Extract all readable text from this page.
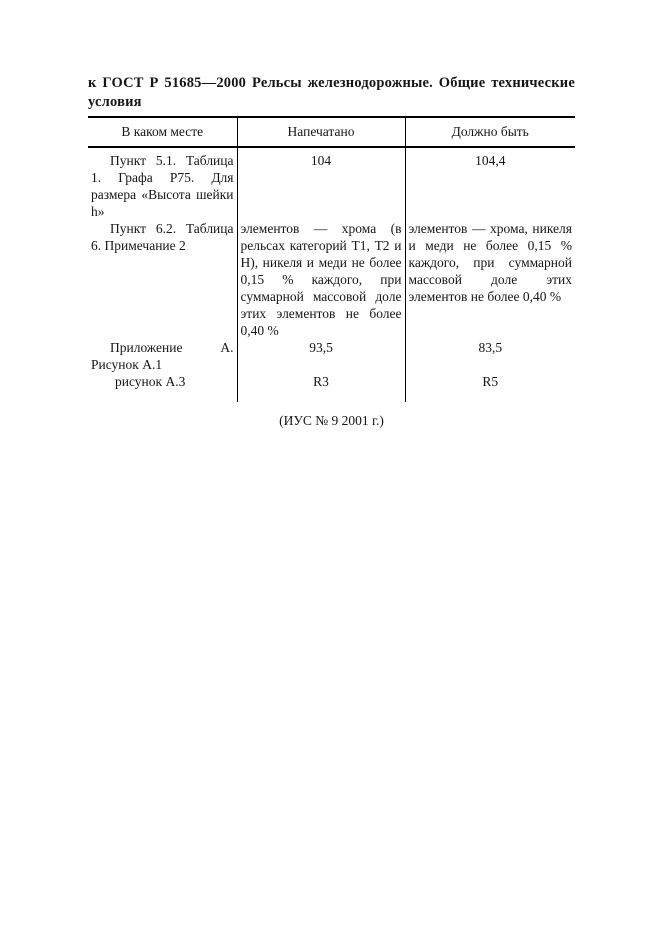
к ГОСТ Р 51685—2000 Рельсы железнодорожные. Общие технические условия
В каком месте	Напечатано	Должно быть
Пункт 5.1. Таблица 1. Графа Р75. Для размера «Высота шейки h»	104	104,4
Пункт 6.2. Таблица 6. Примечание 2	элементов — хрома (в рельсах категорий Т1, Т2 и Н), никеля и меди не более 0,15 % каждого, при суммарной массовой доле этих элементов не более 0,40 %	элементов — хрома, никеля и меди не более 0,15 % каждого, при суммарной массовой доле этих элементов не более 0,40 %
Приложение А. Рисунок А.1	93,5	83,5
рисунок А.3	R3	R5

(ИУС № 9 2001 г.)
